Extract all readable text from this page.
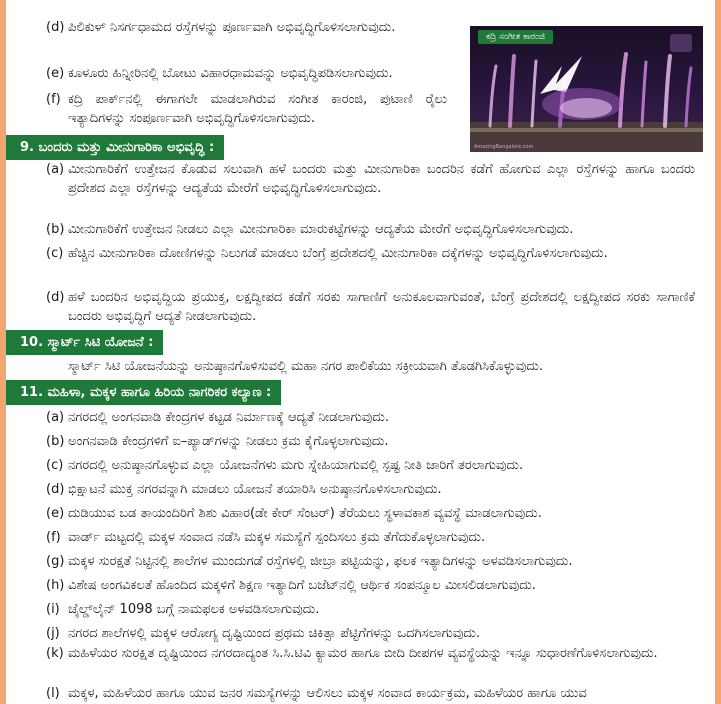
ಕದ್ರಿ ಸಂಗೀತ ಕಾರಂಜಿ
AmazingBangalore.com
(d) ಪಿಲಿಕುಳ್ ನಿಸರ್ಗಧಾಮದ ರಸ್ತೆಗಳನ್ನು ಪೂರ್ಣವಾಗಿ ಅಭಿವೃದ್ಧಿಗೊಳಿಸಲಾಗುವುದು.
(e) ಕೂಳೂರು ಹಿನ್ನೀರಿನಲ್ಲಿ ಬೋಟು ವಿಹಾರಧಾಮವನ್ನು ಅಭಿವೃದ್ಧಿಪಡಿಸಲಾಗುವುದು.
(f) ಕದ್ರಿ ಪಾರ್ಕ್‌ನಲ್ಲಿ ಈಗಾಗಲೇ ಮಾಡಲಾಗಿರುವ ಸಂಗೀತ ಕಾರಂಜಿ, ಪುಟಾಣಿ ರೈಲು ಇತ್ಯಾದಿಗಳನ್ನು ಸಂಪೂರ್ಣವಾಗಿ ಅಭಿವೃದ್ಧಿಗೊಳಿಸಲಾಗುವುದು.
9. ಬಂದರು ಮತ್ತು ಮೀನುಗಾರಿಕಾ ಅಭಿವೃದ್ಧಿ :
(a) ಮೀನುಗಾರಿಕೆಗೆ ಉತ್ತೇಜನ ಕೊಡುವ ಸಲುವಾಗಿ ಹಳೆ ಬಂದರು ಮತ್ತು ಮೀನುಗಾರಿಕಾ ಬಂದರಿನ ಕಡೆಗೆ ಹೋಗುವ ಎಲ್ಲಾ ರಸ್ತೆಗಳನ್ನು ಹಾಗೂ ಬಂದರು ಪ್ರದೇಶದ ಎಲ್ಲಾ ರಸ್ತೆಗಳನ್ನು ಆದ್ಯತೆಯ ಮೇರೆಗೆ ಅಭಿವೃದ್ಧಿಗೊಳಿಸಲಾಗುವುದು.
(b) ಮೀನುಗಾರಿಕೆಗೆ ಉತ್ತೇಜನ ನೀಡಲು ಎಲ್ಲಾ ಮೀನುಗಾರಿಕಾ ಮಾರುಕಟ್ಟೆಗಳನ್ನು ಆದ್ಯತೆಯ ಮೇರೆಗೆ ಅಭಿವೃದ್ಧಿಗೊಳಿಸಲಾಗುವುದು.
(c) ಹೆಚ್ಚಿನ ಮೀನುಗಾರಿಕಾ ದೋಣಿಗಳನ್ನು ನಿಲುಗಡೆ ಮಾಡಲು ಬೆಂಗ್ರೆ ಪ್ರದೇಶದಲ್ಲಿ ಮೀನುಗಾರಿಕಾ ದಕ್ಕೆಗಳನ್ನು ಅಭಿವೃದ್ಧಿಗೊಳಿಸಲಾಗುವುದು.
(d) ಹಳೆ ಬಂದರಿನ ಅಭಿವೃದ್ಧಿಯ ಪ್ರಯುಕ್ತ, ಲಕ್ಷದ್ವೀಪದ ಕಡೆಗೆ ಸರಕು ಸಾಗಾಣಿಗೆ ಅನುಕೂಲವಾಗುವಂತೆ, ಬೆಂಗ್ರೆ ಪ್ರದೇಶದಲ್ಲಿ ಲಕ್ಷದ್ವೀಪದ ಸರಕು ಸಾಗಾಣಿಕೆ ಬಂದರು ಅಭಿವೃದ್ಧಿಗೆ ಆದ್ಯತೆ ನೀಡಲಾಗುವುದು.
10. ಸ್ಮಾರ್ಟ್ ಸಿಟಿ ಯೋಜನೆ :
ಸ್ಮಾರ್ಟ್ ಸಿಟಿ ಯೋಜನೆಯನ್ನು ಅನುಷ್ಠಾನಗೊಳಿಸುವಲ್ಲಿ ಮಹಾ ನಗರ ಪಾಲಿಕೆಯು ಸಕ್ರೀಯವಾಗಿ ತೊಡಗಿಸಿಕೊಳ್ಳುವುದು.
11. ಮಹಿಳಾ, ಮಕ್ಕಳ ಹಾಗೂ ಹಿರಿಯ ನಾಗರಿಕರ ಕಲ್ಯಾಣ :
(a) ನಗರದಲ್ಲಿ ಅಂಗನವಾಡಿ ಕೇಂದ್ರಗಳ ಕಟ್ಟಡ ನಿರ್ಮಾಣಕ್ಕೆ ಆದ್ಯತೆ ನೀಡಲಾಗುವುದು.
(b) ಅಂಗನವಾಡಿ ಕೇಂದ್ರಗಳಿಗೆ ಐ–ಪ್ಯಾಡ್‌ಗಳನ್ನು ನೀಡಲು ಕ್ರಮ ಕೈಗೊಳ್ಳಲಾಗುವುದು.
(c) ನಗರದಲ್ಲಿ ಅನುಷ್ಠಾನಗೊಳ್ಳುವ ಎಲ್ಲಾ ಯೋಜನೆಗಳು ಮಗು ಸ್ನೇಹಿಯಾಗುವಲ್ಲಿ ಸ್ಪಷ್ಟ ನೀತಿ ಜಾರಿಗೆ ತರಲಾಗುವುದು.
(d) ಭಿಕ್ಷಾಟನೆ ಮುಕ್ತ ನಗರವನ್ನಾಗಿ ಮಾಡಲು ಯೋಜನೆ ತಯಾರಿಸಿ ಅನುಷ್ಠಾನಗೊಳಿಸಲಾಗುವುದು.
(e) ದುಡಿಯುವ ಬಡ ತಾಯಂದಿರಿಗೆ ಶಿಶು ವಿಹಾರ(ಡೇ ಕೇರ್ ಸೆಂಟರ್) ತೆರೆಯಲು ಸ್ಥಳಾವಕಾಶ ವ್ಯವಸ್ಥೆ ಮಾಡಲಾಗುವುದು.
(f) ವಾರ್ಡ್ ಮಟ್ಟದಲ್ಲಿ ಮಕ್ಕಳ ಸಂವಾದ ನಡೆಸಿ ಮಕ್ಕಳ ಸಮಸ್ಯೆಗೆ ಸ್ಪಂದಿಸಲು ಕ್ರಮ ತೆಗೆದುಕೊಳ್ಳಲಾಗುವುದು.
(g) ಮಕ್ಕಳ ಸುರಕ್ಷತೆ ನಿಟ್ಟಿನಲ್ಲಿ ಶಾಲೆಗಳ ಮುಂದುಗಡೆ ರಸ್ತೆಗಳಲ್ಲಿ ಜೀಬ್ರಾ ಪಟ್ಟಿಯನ್ನು, ಫಲಕ ಇತ್ಯಾದಿಗಳನ್ನು ಅಳವಡಿಸಲಾಗುವುದು.
(h) ವಿಶೇಷ ಅಂಗವಿಕಲತೆ ಹೊಂದಿದ ಮಕ್ಕಳಿಗೆ ಶಿಕ್ಷಣ ಇತ್ಯಾದಿಗೆ ಬಜೆಟ್‌ನಲ್ಲಿ ಆರ್ಥಿಕ ಸಂಪನ್ಮೂಲ ಮೀಸಲಿಡಲಾಗುವುದು.
(i) ಚೈಲ್ಡ್‌ಲೈನ್ 1098 ಬಗ್ಗೆ ನಾಮಫಲಕ ಅಳವಡಿಸಲಾಗುವುದು.
(j) ನಗರದ ಶಾಲೆಗಳಲ್ಲಿ ಮಕ್ಕಳ ಆರೋಗ್ಯ ದೃಷ್ಟಿಯಿಂದ ಪ್ರಥಮ ಚಿಕಿತ್ಸಾ ಪೆಟ್ಟಿಗೆಗಳನ್ನು ಒದಗಿಸಲಾಗುವುದು.
(k) ಮಹಿಳೆಯರ ಸುರಕ್ಷಿತ ದೃಷ್ಟಿಯಿಂದ ನಗರದಾದ್ಯಂತ ಸಿ.ಸಿ.ಟಿವಿ ಕ್ಯಾಮರ ಹಾಗೂ ಬೀದಿ ದೀಪಗಳ ವ್ಯವಸ್ಥೆಯನ್ನು ಇನ್ನೂ ಸುಧಾರಣೆಗೊಳಿಸಲಾಗುವುದು.
(l) ಮಕ್ಕಳ, ಮಹಿಳೆಯರ ಹಾಗೂ ಯುವ ಜನರ ಸಮಸ್ಯೆಗಳನ್ನು ಆಲಿಸಲು ಮಕ್ಕಳ ಸಂವಾದ ಕಾರ್ಯಕ್ರಮ, ಮಹಿಳೆಯರ ಹಾಗೂ ಯುವ
